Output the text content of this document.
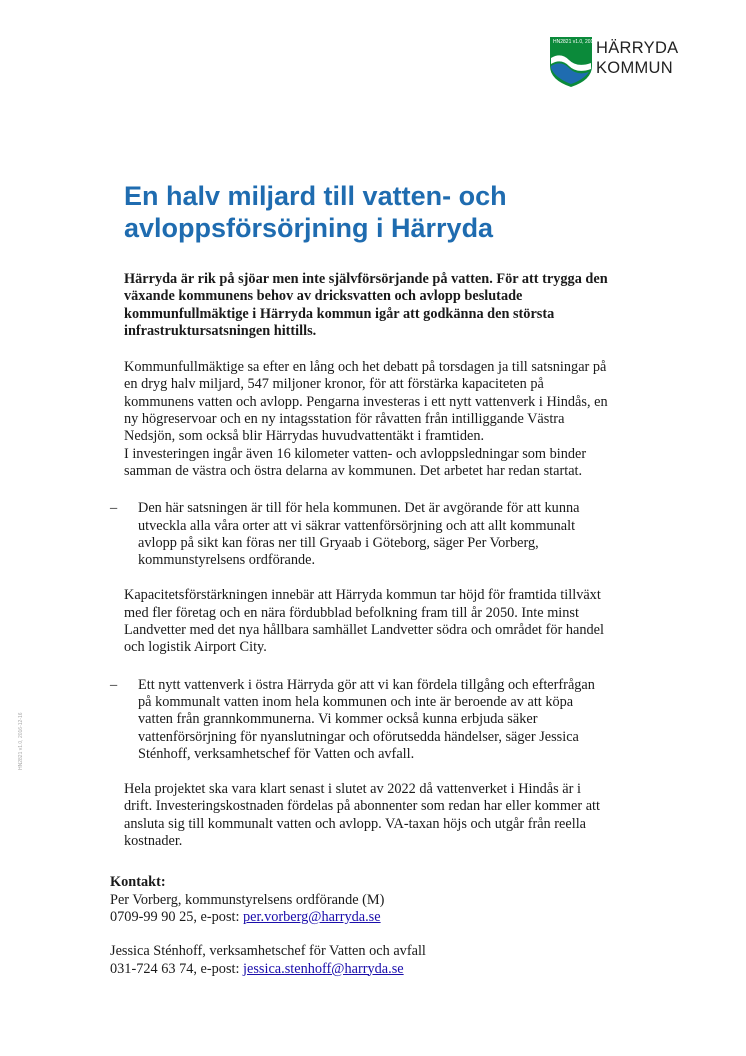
HN2821 v1.0, 2016-12-16
HÄRRYDA
KOMMUN
HN2821 v1.0, 2016-12-16
En halv miljard till vatten- och
avloppsförsörjning i Härryda
Härryda är rik på sjöar men inte självförsörjande på vatten. För att trygga den växande kommunens behov av dricksvatten och avlopp beslutade kommunfullmäktige i Härryda kommun igår att godkänna den största infrastruktursatsningen hittills.
Kommunfullmäktige sa efter en lång och het debatt på torsdagen ja till satsningar på en dryg halv miljard, 547 miljoner kronor, för att förstärka kapaciteten på kommunens vatten och avlopp. Pengarna investeras i ett nytt vattenverk i Hindås, en ny högreservoar och en ny intagsstation för råvatten från intilliggande Västra Nedsjön, som också blir Härrydas huvudvattentäkt i framtiden.
I investeringen ingår även 16 kilometer vatten- och avloppsledningar som binder samman de västra och östra delarna av kommunen. Det arbetet har redan startat.
–	Den här satsningen är till för hela kommunen. Det är avgörande för att kunna utveckla alla våra orter att vi säkrar vattenförsörjning och att allt kommunalt avlopp på sikt kan föras ner till Gryaab i Göteborg, säger Per Vorberg, kommunstyrelsens ordförande.
Kapacitetsförstärkningen innebär att Härryda kommun tar höjd för framtida tillväxt med fler företag och en nära fördubblad befolkning fram till år 2050. Inte minst Landvetter med det nya hållbara samhället Landvetter södra och området för handel och logistik Airport City.
–	Ett nytt vattenverk i östra Härryda gör att vi kan fördela tillgång och efterfrågan på kommunalt vatten inom hela kommunen och inte är beroende av att köpa vatten från grannkommunerna. Vi kommer också kunna erbjuda säker vattenförsörjning för nyanslutningar och oförutsedda händelser, säger Jessica Sténhoff, verksamhetschef för Vatten och avfall.
Hela projektet ska vara klart senast i slutet av 2022 då vattenverket i Hindås är i drift. Investeringskostnaden fördelas på abonnenter som redan har eller kommer att ansluta sig till kommunalt vatten och avlopp. VA-taxan höjs och utgår från reella kostnader.
Kontakt:
Per Vorberg, kommunstyrelsens ordförande (M)
0709-99 90 25, e-post: per.vorberg@harryda.se
Jessica Sténhoff, verksamhetschef för Vatten och avfall
031-724 63 74, e-post: jessica.stenhoff@harryda.se
